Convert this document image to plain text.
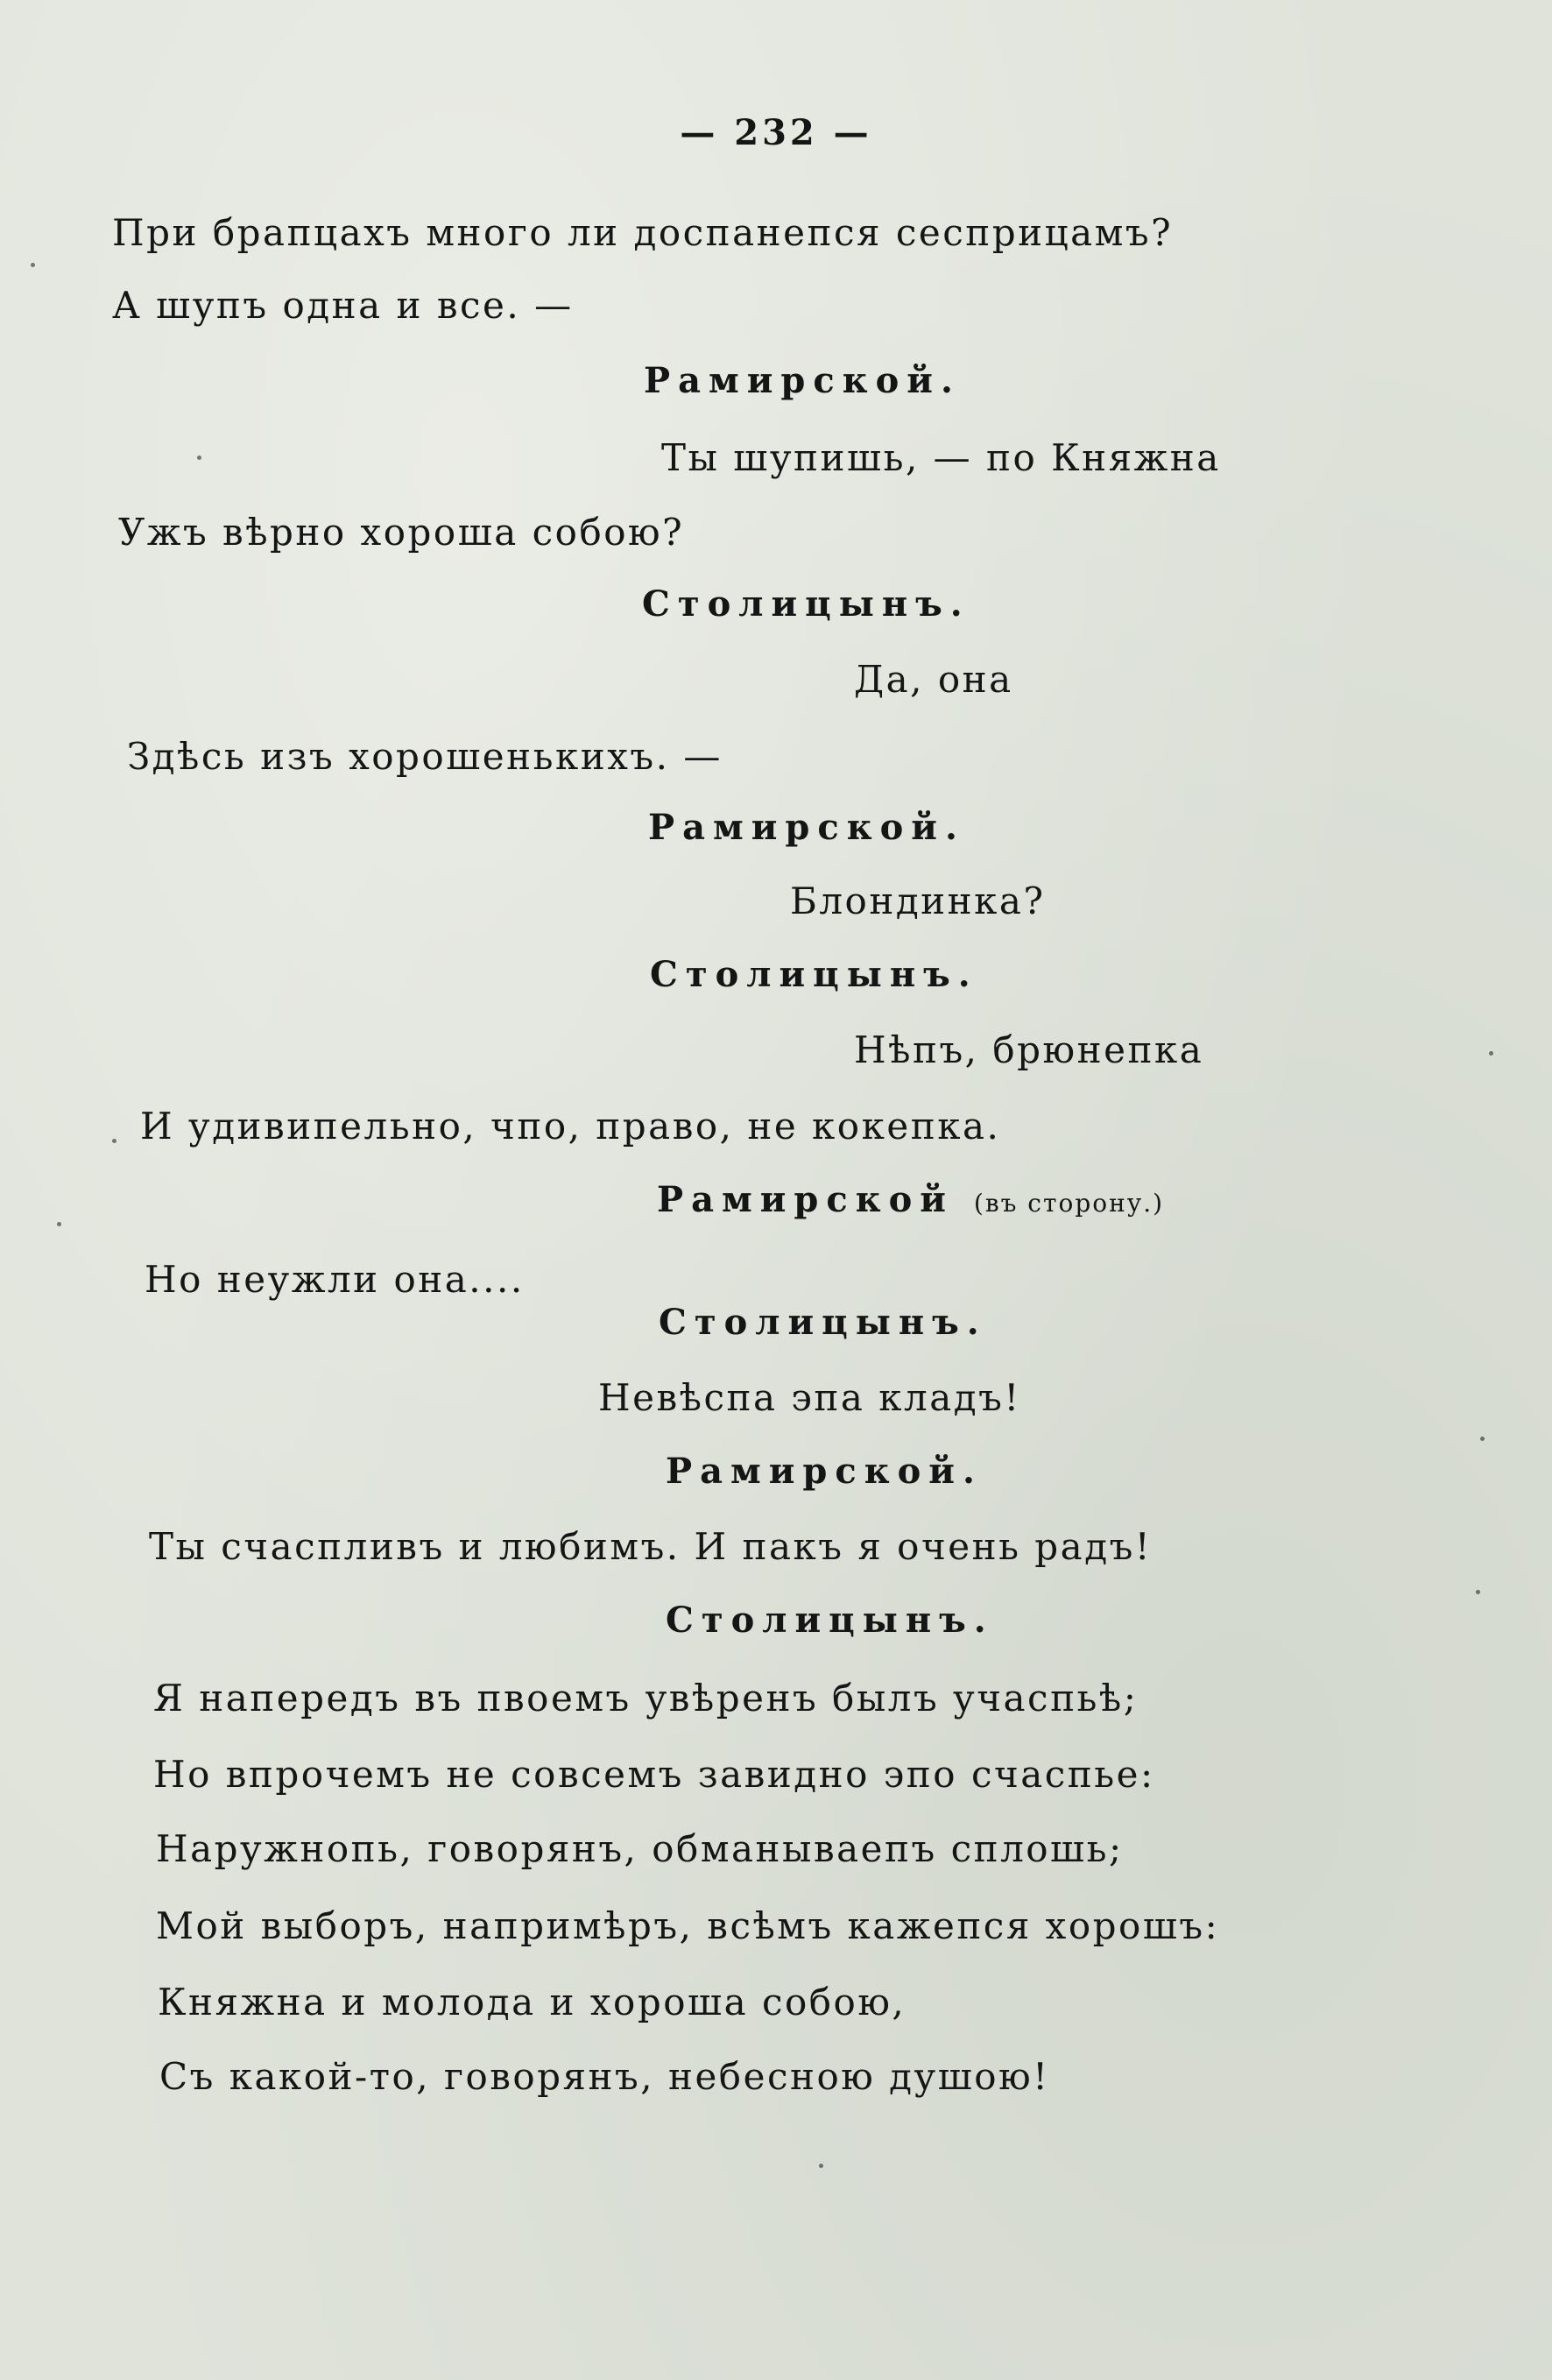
— 232 —
При брапцахъ много ли доспанепся сесприцамъ?
А шупъ одна и все. —
Рамирской.
Ты шупишь, — по Княжна
Ужъ вѣрно хороша собою?
Столицынъ.
Да, она
Здѣсь изъ хорошенькихъ. —
Рамирской.
Блондинка?
Столицынъ.
Нѣпъ, брюнепка
И удивипельно, чпо, право, не кокепка.
Рамирской (въ сторону.)
Но неужли она....
Столицынъ.
Невѣспа эпа кладъ!
Рамирской.
Ты счаспливъ и любимъ. И пакъ я очень радъ!
Столицынъ.
Я напередъ въ пвоемъ увѣренъ былъ учаспьѣ;
Но впрочемъ не совсемъ завидно эпо счаспье:
Наружнопь, говорянъ, обманываепъ сплошь;
Мой выборъ, напримѣръ, всѣмъ кажепся хорошъ:
Княжна и молода и хороша собою,
Съ какой-то, говорянъ, небесною душою!
